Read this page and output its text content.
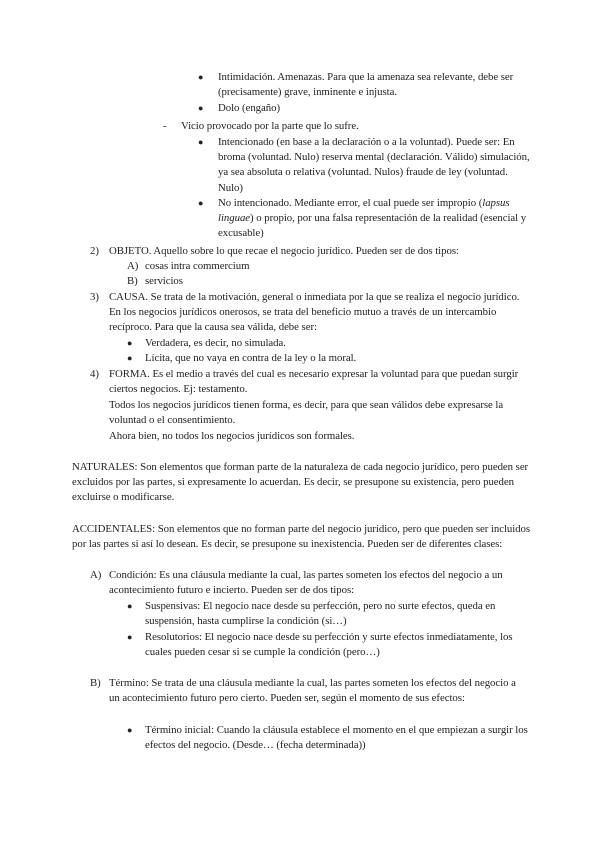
● Intimidación. Amenazas. Para que la amenaza sea relevante, debe ser (precisamente) grave, inminente e injusta.

● Dolo (engaño)

- Vicio provocado por la parte que lo sufre.

● Intencionado (en base a la declaración o a la voluntad). Puede ser: En broma (voluntad. Nulo) reserva mental (declaración. Válido) simulación, ya sea absoluta o relativa (voluntad. Nulos) fraude de ley (voluntad. Nulo)

● No intencionado. Mediante error, el cual puede ser impropio (lapsus linguae) o propio, por una falsa representación de la realidad (esencial y excusable)

2) OBJETO. Aquello sobre lo que recae el negocio jurídico. Pueden ser de dos tipos:

A) cosas intra commercium

B) servicios

3) CAUSA. Se trata de la motivación, general o inmediata por la que se realiza el negocio jurídico. En los negocios jurídicos onerosos, se trata del beneficio mutuo a través de un intercambio recíproco. Para que la causa sea válida, debe ser:

● Verdadera, es decir, no simulada.

● Lícita, que no vaya en contra de la ley o la moral.

4) FORMA. Es el medio a través del cual es necesario expresar la voluntad para que puedan surgir ciertos negocios. Ej: testamento.

Todos los negocios jurídicos tienen forma, es decir, para que sean válidos debe expresarse la voluntad o el consentimiento.

Ahora bien, no todos los negocios jurídicos son formales.

NATURALES: Son elementos que forman parte de la naturaleza de cada negocio jurídico, pero pueden ser excluidos por las partes, si expresamente lo acuerdan. Es decir, se presupone su existencia, pero pueden excluirse o modificarse.

ACCIDENTALES: Son elementos que no forman parte del negocio jurídico, pero que pueden ser incluidos por las partes si así lo desean. Es decir, se presupone su inexistencia. Pueden ser de diferentes clases:

A) Condición: Es una cláusula mediante la cual, las partes someten los efectos del negocio a un acontecimiento futuro e incierto. Pueden ser de dos tipos:

● Suspensivas: El negocio nace desde su perfección, pero no surte efectos, queda en suspensión, hasta cumplirse la condición (si…)

● Resolutorios: El negocio nace desde su perfección y surte efectos inmediatamente, los cuales pueden cesar si se cumple la condición (pero…)

B) Término: Se trata de una cláusula mediante la cual, las partes someten los efectos del negocio a un acontecimiento futuro pero cierto. Pueden ser, según el momento de sus efectos:

● Término inicial: Cuando la cláusula establece el momento en el que empiezan a surgir los efectos del negocio. (Desde… (fecha determinada))
